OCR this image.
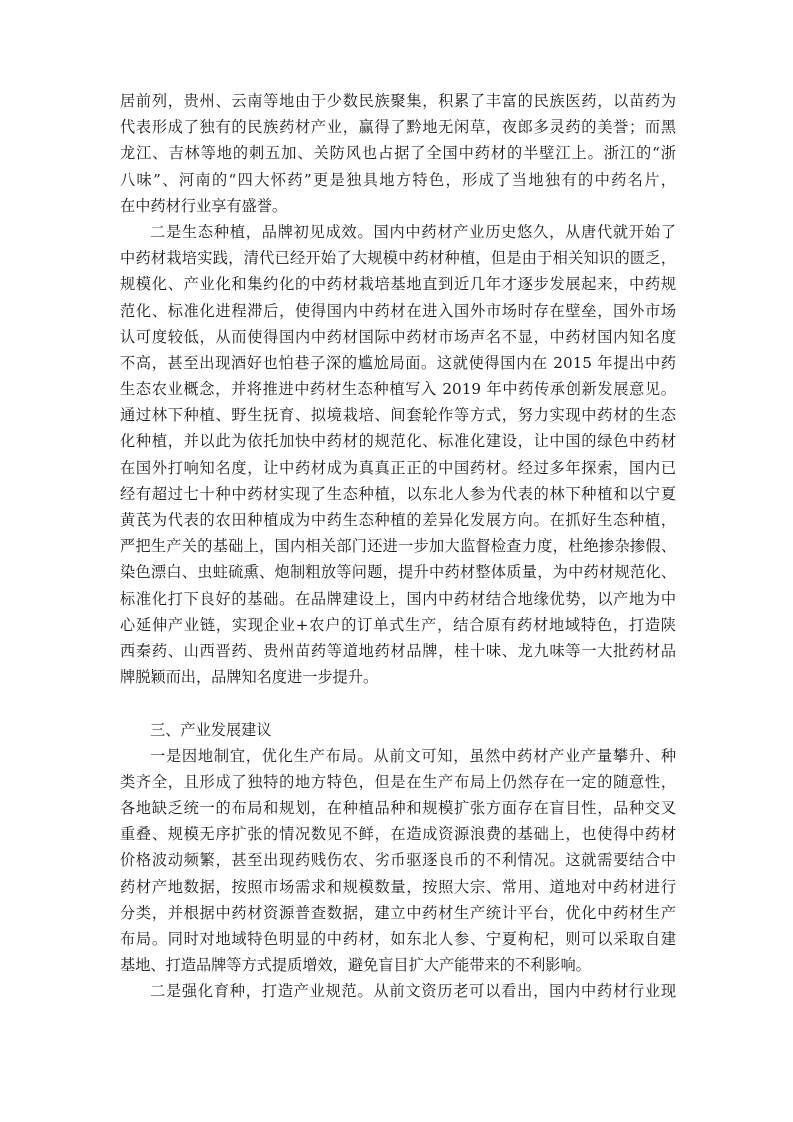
居前列，贵州、云南等地由于少数民族聚集，积累了丰富的民族医药，以苗药为
代表形成了独有的民族药材产业，赢得了黔地无闲草，夜郎多灵药的美誉；而黑
龙江、吉林等地的刺五加、关防风也占据了全国中药材的半壁江上。浙江的“浙
八味”、河南的“四大怀药”更是独具地方特色，形成了当地独有的中药名片，
在中药材行业享有盛誉。
二是生态种植，品牌初见成效。国内中药材产业历史悠久，从唐代就开始了
中药材栽培实践，清代已经开始了大规模中药材种植，但是由于相关知识的匮乏，
规模化、产业化和集约化的中药材栽培基地直到近几年才逐步发展起来，中药规
范化、标准化进程滞后，使得国内中药材在进入国外市场时存在壁垒，国外市场
认可度较低，从而使得国内中药材国际中药材市场声名不显，中药材国内知名度
不高，甚至出现酒好也怕巷子深的尴尬局面。这就使得国内在 2015 年提出中药
生态农业概念，并将推进中药材生态种植写入 2019 年中药传承创新发展意见。
通过林下种植、野生抚育、拟境栽培、间套轮作等方式，努力实现中药材的生态
化种植，并以此为依托加快中药材的规范化、标准化建设，让中国的绿色中药材
在国外打响知名度，让中药材成为真真正正的中国药材。经过多年探索，国内已
经有超过七十种中药材实现了生态种植，以东北人参为代表的林下种植和以宁夏
黄芪为代表的农田种植成为中药生态种植的差异化发展方向。在抓好生态种植，
严把生产关的基础上，国内相关部门还进一步加大监督检查力度，杜绝掺杂掺假、
染色漂白、虫蛀硫熏、炮制粗放等问题，提升中药材整体质量，为中药材规范化、
标准化打下良好的基础。在品牌建设上，国内中药材结合地缘优势，以产地为中
心延伸产业链，实现企业+农户的订单式生产，结合原有药材地域特色，打造陕
西秦药、山西晋药、贵州苗药等道地药材品牌，桂十味、龙九味等一大批药材品
牌脱颖而出，品牌知名度进一步提升。
三、产业发展建议
一是因地制宜，优化生产布局。从前文可知，虽然中药材产业产量攀升、种
类齐全，且形成了独特的地方特色，但是在生产布局上仍然存在一定的随意性，
各地缺乏统一的布局和规划，在种植品种和规模扩张方面存在盲目性，品种交叉
重叠、规模无序扩张的情况数见不鲜，在造成资源浪费的基础上，也使得中药材
价格波动频繁，甚至出现药贱伤农、劣币驱逐良币的不利情况。这就需要结合中
药材产地数据，按照市场需求和规模数量，按照大宗、常用、道地对中药材进行
分类，并根据中药材资源普查数据，建立中药材生产统计平台，优化中药材生产
布局。同时对地域特色明显的中药材，如东北人参、宁夏枸杞，则可以采取自建
基地、打造品牌等方式提质增效，避免盲目扩大产能带来的不利影响。
二是强化育种，打造产业规范。从前文资历老可以看出，国内中药材行业现
